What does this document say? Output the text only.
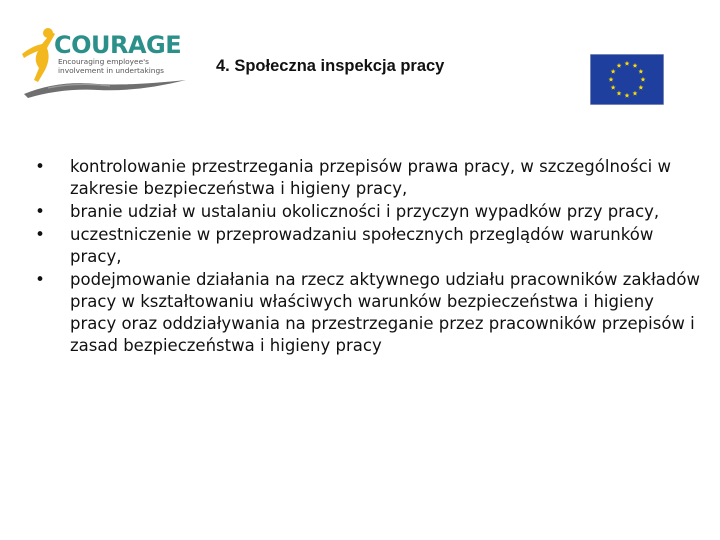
COURAGE
Encouraging employee's
involvement in undertakings	4. Społeczna inspekcja pracy
•	kontrolowanie przestrzegania przepisów prawa pracy, w szczególności w zakresie bezpieczeństwa i higieny pracy,
•	branie udział w ustalaniu okoliczności i przyczyn wypadków przy pracy,
•	uczestniczenie w przeprowadzaniu społecznych przeglądów warunków pracy,
•	podejmowanie działania na rzecz aktywnego udziału pracowników zakładów pracy w kształtowaniu właściwych warunków bezpieczeństwa i higieny pracy oraz oddziaływania na przestrzeganie przez pracowników przepisów i zasad bezpieczeństwa i higieny pracy
